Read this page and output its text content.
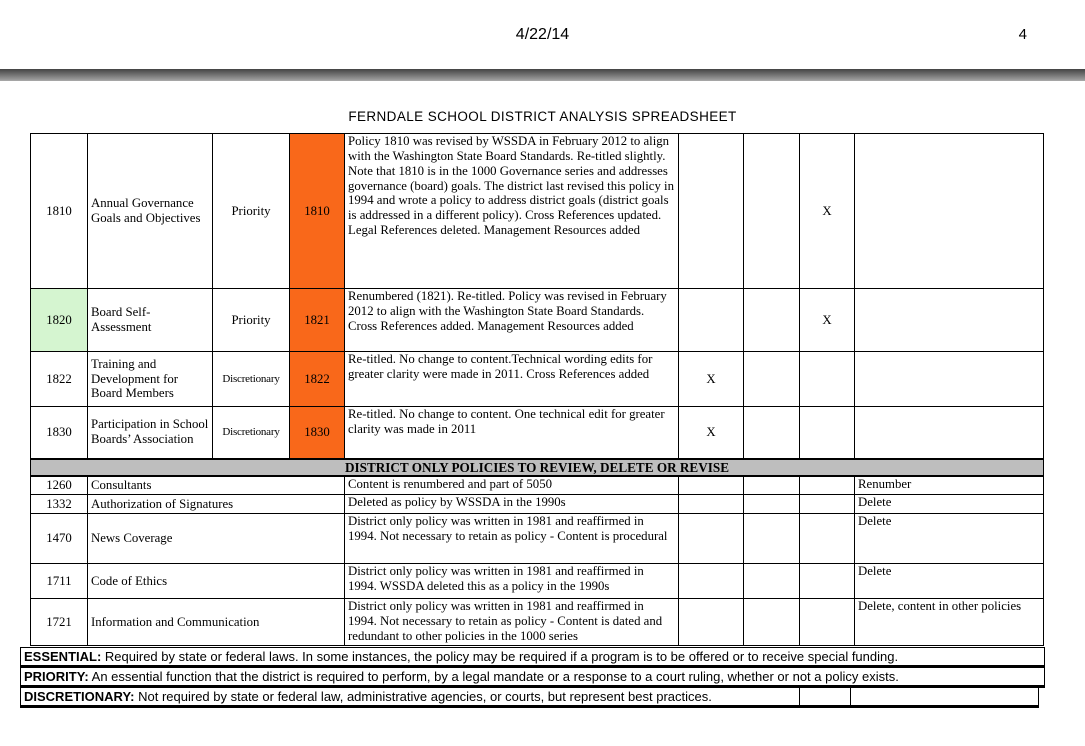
4/22/14	4
FERNDALE SCHOOL DISTRICT ANALYSIS SPREADSHEET
1810	Annual Governance Goals and Objectives	Priority	1810	Policy 1810 was revised by WSSDA in February 2012 to align with the Washington State Board Standards. Re-titled slightly. Note that 1810 is in the 1000 Governance series and addresses governance (board) goals. The district last revised this policy in 1994 and wrote a policy to address district goals (district goals is addressed in a different policy). Cross References updated. Legal References deleted. Management Resources added			X	
1820	Board Self-Assessment	Priority	1821	Renumbered (1821). Re-titled. Policy was revised in February 2012 to align with the Washington State Board Standards. Cross References added. Management Resources added			X	
1822	Training and Development for Board Members	Discretionary	1822	Re-titled. No change to content.Technical wording edits for greater clarity were made in 2011. Cross References added	X			
1830	Participation in School Boards’ Association	Discretionary	1830	Re-titled. No change to content. One technical edit for greater clarity was made in 2011	X			
DISTRICT ONLY POLICIES TO REVIEW, DELETE OR REVISE								
1260	Consultants			Content is renumbered and part of 5050				Renumber
1332	Authorization of Signatures			Deleted as policy by WSSDA in the 1990s				Delete
1470	News Coverage			District only policy was written in 1981 and reaffirmed in 1994. Not necessary to retain as policy - Content is procedural				Delete
1711	Code of Ethics			District only policy was written in 1981 and reaffirmed in 1994. WSSDA deleted this as a policy in the 1990s				Delete
1721	Information and Communication			District only policy was written in 1981 and reaffirmed in 1994. Not necessary to retain as policy - Content is dated and redundant to other policies in the 1000 series				Delete, content in other policies
ESSENTIAL: Required by state or federal laws. In some instances, the policy may be required if a program is to be offered or to receive special funding.
PRIORITY: An essential function that the district is required to perform, by a legal mandate or a response to a court ruling, whether or not a policy exists.
DISCRETIONARY: Not required by state or federal law, administrative agencies, or courts, but represent best practices.
